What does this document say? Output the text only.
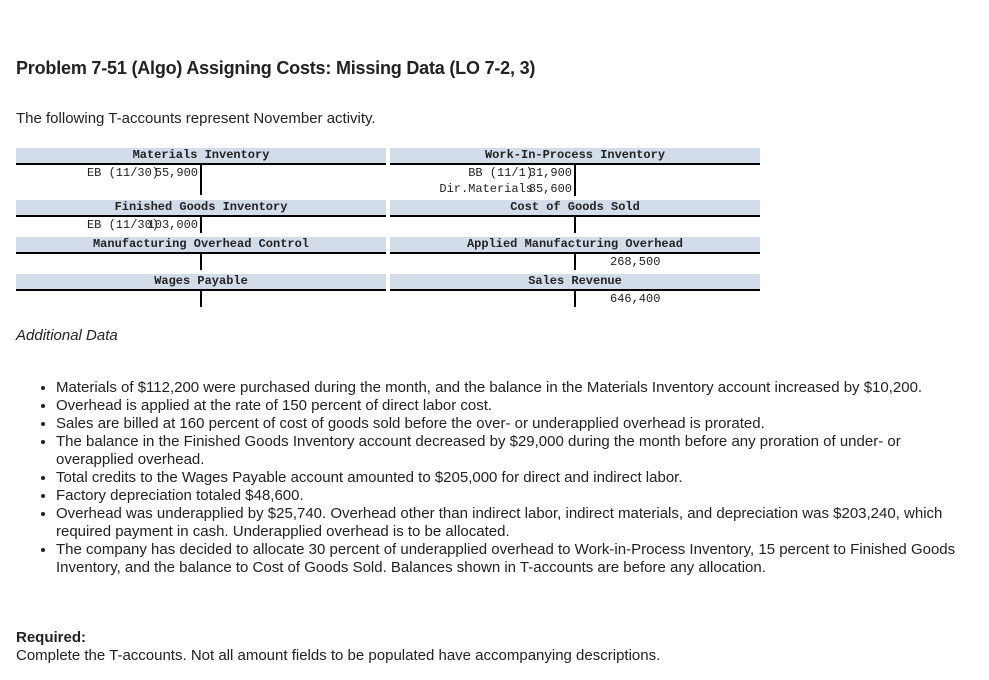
Problem 7-51 (Algo) Assigning Costs: Missing Data (LO 7-2, 3)

The following T-accounts represent November activity.

Materials Inventory
EB (11/30)
55,900
Work-In-Process Inventory
BB (11/1)
31,900
Dir.Materials
85,600
Finished Goods Inventory
EB (11/30)
103,000
Cost of Goods Sold
Manufacturing Overhead Control	Applied Manufacturing Overhead
268,500
Wages Payable	Sales Revenue
646,400

Additional Data

• Materials of $112,200 were purchased during the month, and the balance in the Materials Inventory account increased by $10,200.
• Overhead is applied at the rate of 150 percent of direct labor cost.
• Sales are billed at 160 percent of cost of goods sold before the over- or underapplied overhead is prorated.
• The balance in the Finished Goods Inventory account decreased by $29,000 during the month before any proration of under- or overapplied overhead.
• Total credits to the Wages Payable account amounted to $205,000 for direct and indirect labor.
• Factory depreciation totaled $48,600.
• Overhead was underapplied by $25,740. Overhead other than indirect labor, indirect materials, and depreciation was $203,240, which required payment in cash. Underapplied overhead is to be allocated.
• The company has decided to allocate 30 percent of underapplied overhead to Work-in-Process Inventory, 15 percent to Finished Goods Inventory, and the balance to Cost of Goods Sold. Balances shown in T-accounts are before any allocation.

Required:

Complete the T-accounts. Not all amount fields to be populated have accompanying descriptions.
